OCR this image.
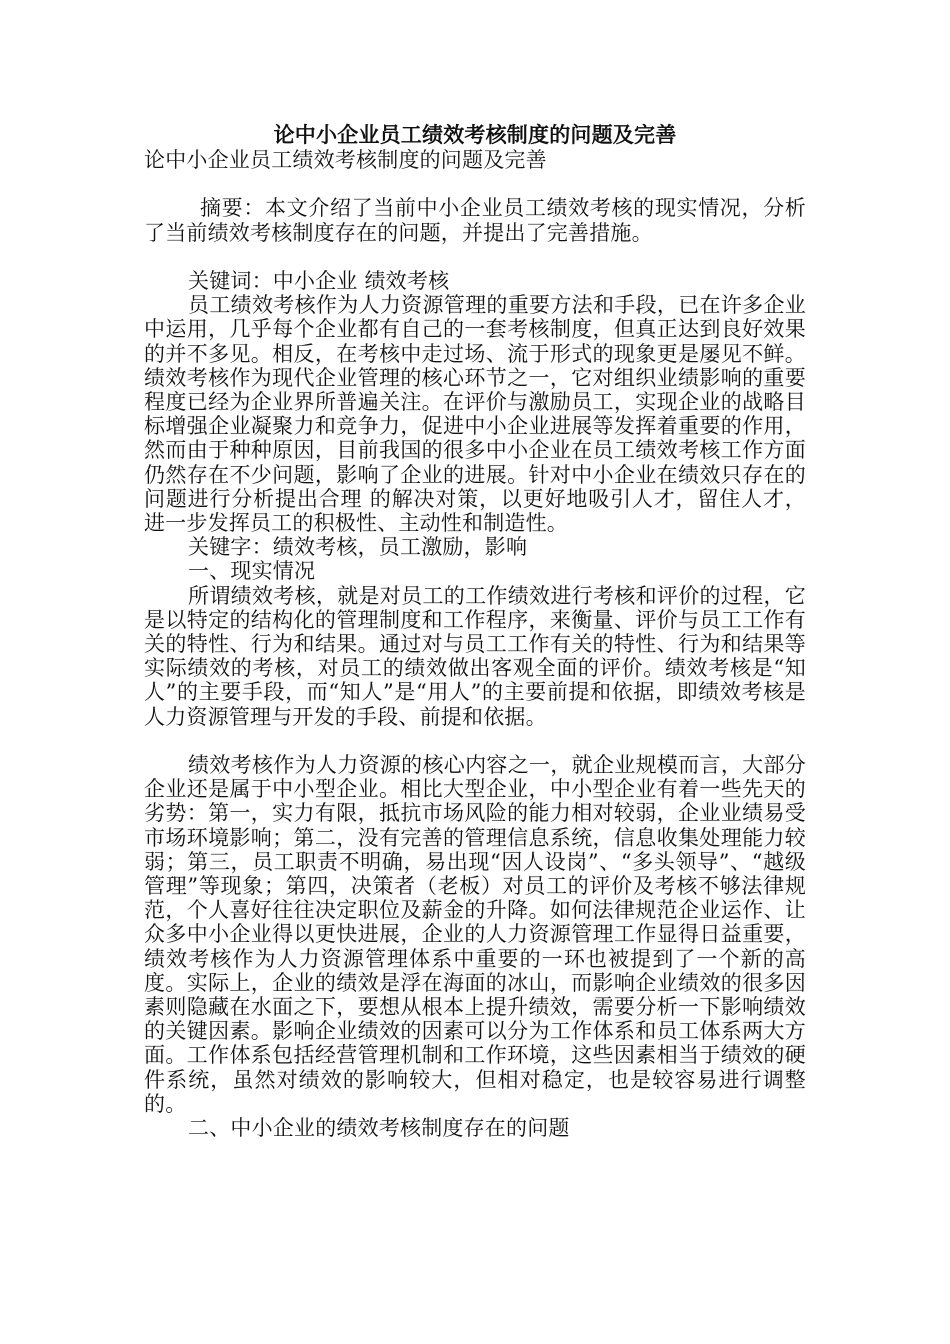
论中小企业员工绩效考核制度的问题及完善

论中小企业员工绩效考核制度的问题及完善

摘要：本文介绍了当前中小企业员工绩效考核的现实情况，分析了当前绩效考核制度存在的问题，并提出了完善措施。

关键词：中小企业 绩效考核

员工绩效考核作为人力资源管理的重要方法和手段，已在许多企业中运用，几乎每个企业都有自己的一套考核制度，但真正达到良好效果的并不多见。相反，在考核中走过场、流于形式的现象更是屡见不鲜。绩效考核作为现代企业管理的核心环节之一，它对组织业绩影响的重要程度已经为企业界所普遍关注。在评价与激励员工，实现企业的战略目标增强企业凝聚力和竞争力，促进中小企业进展等发挥着重要的作用，然而由于种种原因，目前我国的很多中小企业在员工绩效考核工作方面仍然存在不少问题，影响了企业的进展。针对中小企业在绩效只存在的问题进行分析提出合理 的解决对策，以更好地吸引人才，留住人才，进一步发挥员工的积极性、主动性和制造性。

关键字：绩效考核，员工激励，影响

一、现实情况

所谓绩效考核，就是对员工的工作绩效进行考核和评价的过程，它是以特定的结构化的管理制度和工作程序，来衡量、评价与员工工作有关的特性、行为和结果。通过对与员工工作有关的特性、行为和结果等实际绩效的考核，对员工的绩效做出客观全面的评价。绩效考核是“知人”的主要手段，而“知人”是“用人”的主要前提和依据，即绩效考核是人力资源管理与开发的手段、前提和依据。

绩效考核作为人力资源的核心内容之一，就企业规模而言，大部分企业还是属于中小型企业。相比大型企业，中小型企业有着一些先天的劣势：第一，实力有限，抵抗市场风险的能力相对较弱，企业业绩易受市场环境影响；第二，没有完善的管理信息系统，信息收集处理能力较弱；第三，员工职责不明确，易出现“因人设岗”、“多头领导”、“越级管理”等现象；第四，决策者（老板）对员工的评价及考核不够法律规范，个人喜好往往决定职位及薪金的升降。如何法律规范企业运作、让众多中小企业得以更快进展，企业的人力资源管理工作显得日益重要，绩效考核作为人力资源管理体系中重要的一环也被提到了一个新的高度。实际上，企业的绩效是浮在海面的冰山，而影响企业绩效的很多因素则隐藏在水面之下，要想从根本上提升绩效，需要分析一下影响绩效的关键因素。影响企业绩效的因素可以分为工作体系和员工体系两大方面。工作体系包括经营管理机制和工作环境，这些因素相当于绩效的硬件系统，虽然对绩效的影响较大，但相对稳定，也是较容易进行调整的。

二、中小企业的绩效考核制度存在的问题
